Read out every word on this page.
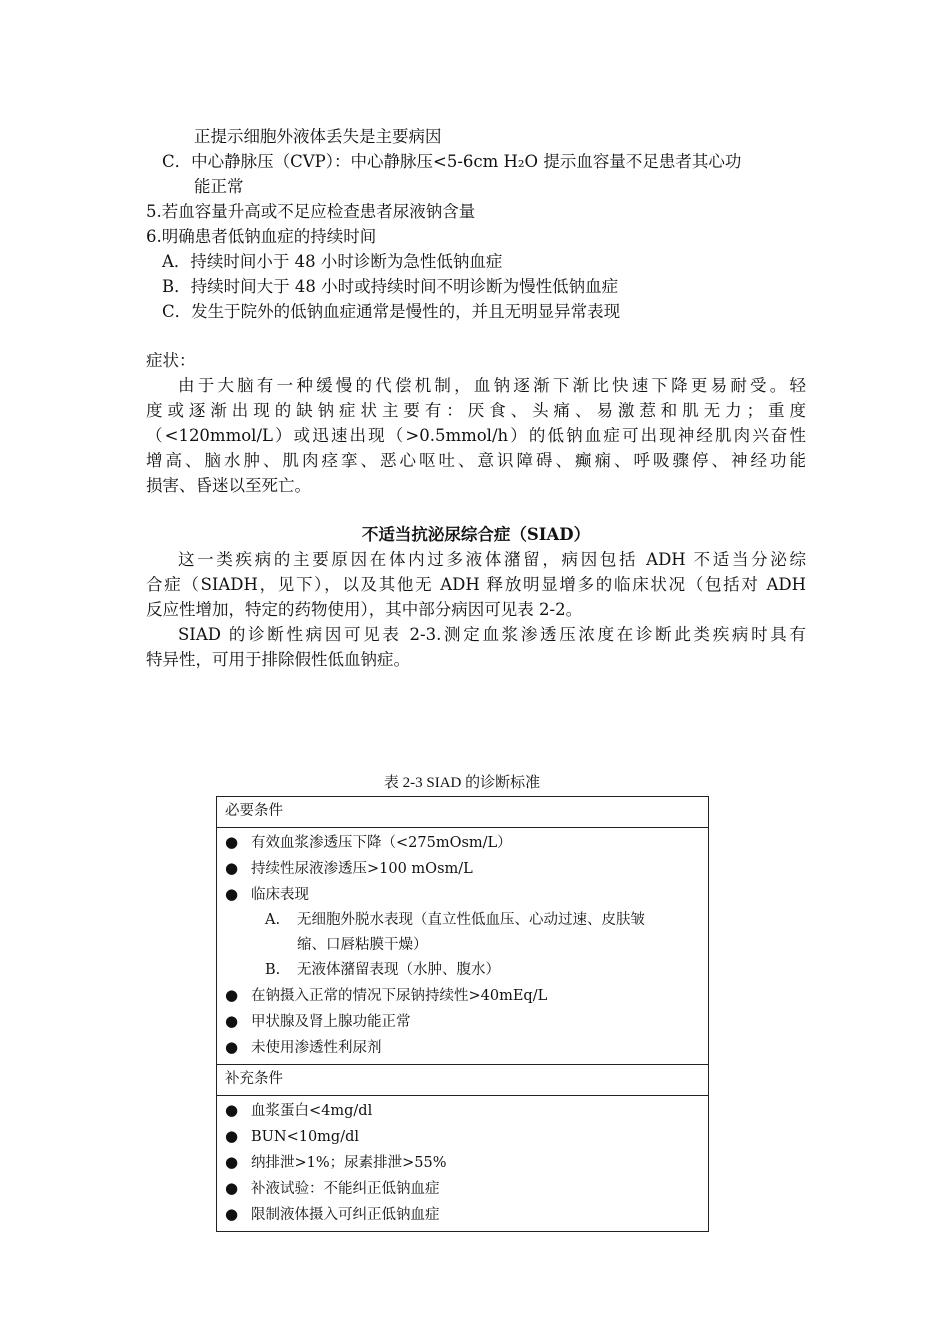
正提示细胞外液体丢失是主要病因
C．中心静脉压（CVP）：中心静脉压<5-6cm H₂O 提示血容量不足患者其心功
能正常
5.若血容量升高或不足应检查患者尿液钠含量
6.明确患者低钠血症的持续时间
A．持续时间小于 48 小时诊断为急性低钠血症
B．持续时间大于 48 小时或持续时间不明诊断为慢性低钠血症
C．发生于院外的低钠血症通常是慢性的，并且无明显异常表现
症状：
由于大脑有一种缓慢的代偿机制，血钠逐渐下渐比快速下降更易耐受。轻
度或逐渐出现的缺钠症状主要有：厌食、头痛、易激惹和肌无力；重度
（<120mmol/L）或迅速出现（>0.5mmol/h）的低钠血症可出现神经肌肉兴奋性
增高、脑水肿、肌肉痉挛、恶心呕吐、意识障碍、癫痫、呼吸骤停、神经功能
损害、昏迷以至死亡。
不适当抗泌尿综合症（SIAD）
这一类疾病的主要原因在体内过多液体潴留，病因包括 ADH 不适当分泌综
合症（SIADH，见下），以及其他无 ADH 释放明显增多的临床状况（包括对 ADH
反应性增加，特定的药物使用），其中部分病因可见表 2-2。
SIAD 的诊断性病因可见表 2-3.测定血浆渗透压浓度在诊断此类疾病时具有
特异性，可用于排除假性低血钠症。
表 2-3 SIAD 的诊断标准
必要条件

● 有效血浆渗透压下降（<275mOsm/L）
● 持续性尿液渗透压>100 mOsm/L
● 临床表现
A. 无细胞外脱水表现（直立性低血压、心动过速、皮肤皱
缩、口唇粘膜干燥）
B. 无液体潴留表现（水肿、腹水）
● 在钠摄入正常的情况下尿钠持续性>40mEq/L
● 甲状腺及肾上腺功能正常
● 未使用渗透性利尿剂

补充条件

● 血浆蛋白<4mg/dl
● BUN<10mg/dl
● 纳排泄>1%；尿素排泄>55%
● 补液试验：不能纠正低钠血症
● 限制液体摄入可纠正低钠血症
